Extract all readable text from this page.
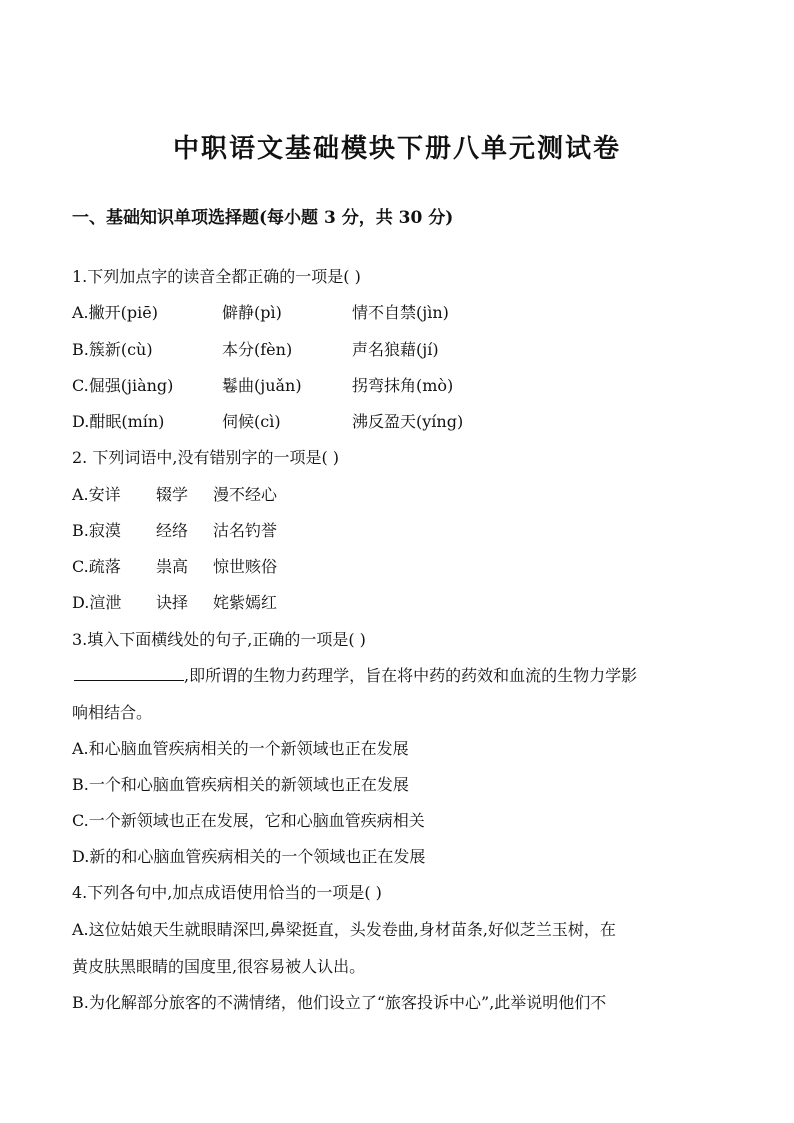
中职语文基础模块下册八单元测试卷
一、基础知识单项选择题(每小题 3 分，共 30 分)
1.下列加点字的读音全都正确的一项是( )
A.撇开(piē)	僻静(pì)	情不自禁(jìn)
B.簇新(cù)	本分(fèn)	声名狼藉(jí)
C.倔强(jiàng)	鬈曲(juǎn)	拐弯抹角(mò)
D.酣眠(mín)	伺候(cì)	沸反盈天(yíng)
2. 下列词语中,没有错别字的一项是( )
A.安详 辍学 漫不经心
B.寂漠 经络 沽名钓誉
C.疏落 祟高 惊世赅俗
D.渲泄 诀择 姹紫嫣红
3.填入下面横线处的句子,正确的一项是( )
,即所谓的生物力药理学，旨在将中药的药效和血流的生物力学影
响相结合。
A.和心脑血管疾病相关的一个新领域也正在发展
B.一个和心脑血管疾病相关的新领域也正在发展
C.一个新领域也正在发展，它和心脑血管疾病相关
D.新的和心脑血管疾病相关的一个领域也正在发展
4.下列各句中,加点成语使用恰当的一项是( )
A.这位姑娘天生就眼睛深凹,鼻梁挺直，头发卷曲,身材苗条,好似芝兰玉树，在
黄皮肤黑眼睛的国度里,很容易被人认出。
B.为化解部分旅客的不满情绪，他们设立了“旅客投诉中心”,此举说明他们不
